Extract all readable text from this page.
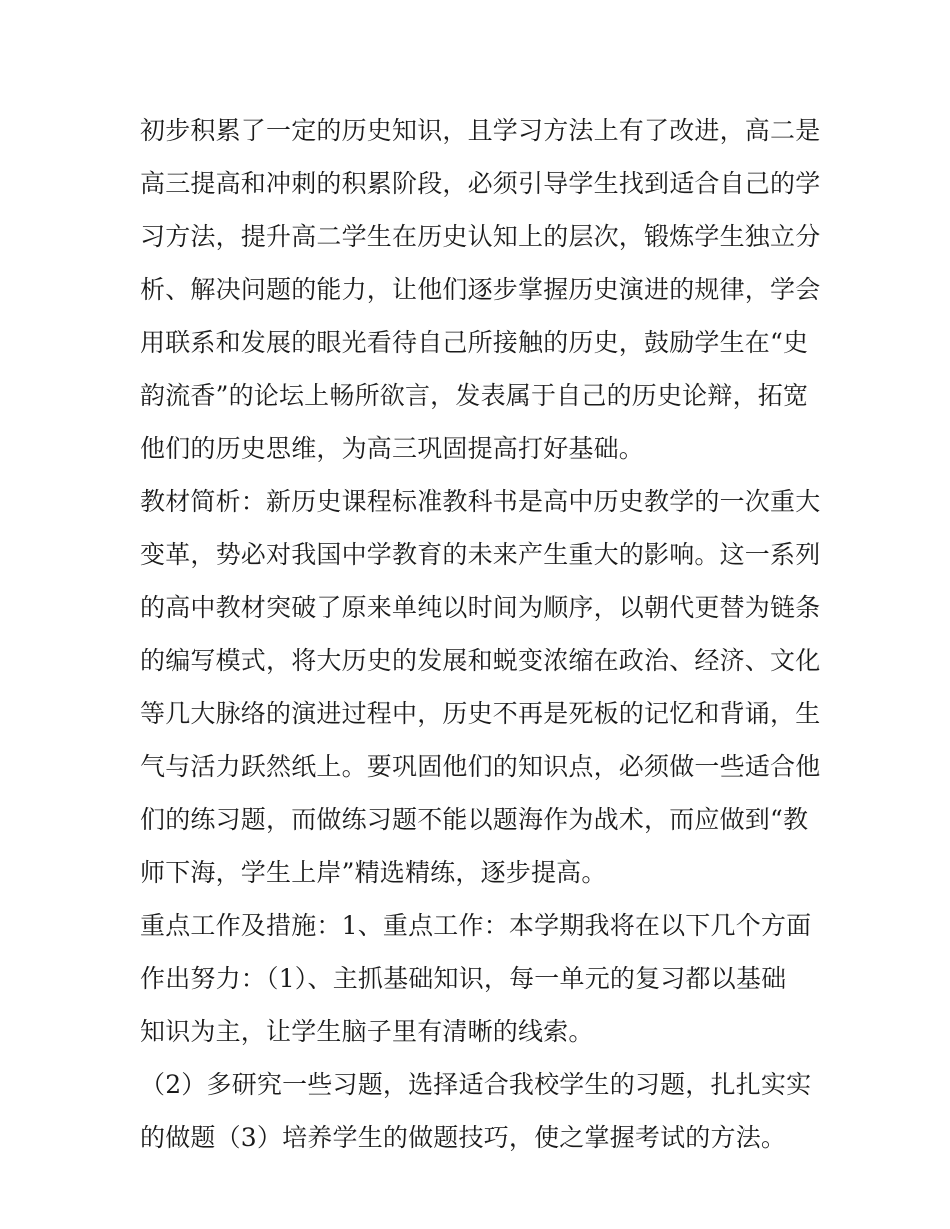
初步积累了一定的历史知识，且学习方法上有了改进，高二是
高三提高和冲刺的积累阶段，必须引导学生找到适合自己的学
习方法，提升高二学生在历史认知上的层次，锻炼学生独立分
析、解决问题的能力，让他们逐步掌握历史演进的规律，学会
用联系和发展的眼光看待自己所接触的历史，鼓励学生在“史
韵流香”的论坛上畅所欲言，发表属于自己的历史论辩，拓宽
他们的历史思维，为高三巩固提高打好基础。
教材简析：新历史课程标准教科书是高中历史教学的一次重大
变革，势必对我国中学教育的未来产生重大的影响。这一系列
的高中教材突破了原来单纯以时间为顺序，以朝代更替为链条
的编写模式，将大历史的发展和蜕变浓缩在政治、经济、文化
等几大脉络的演进过程中，历史不再是死板的记忆和背诵，生
气与活力跃然纸上。要巩固他们的知识点，必须做一些适合他
们的练习题，而做练习题不能以题海作为战术，而应做到“教
师下海，学生上岸”精选精练，逐步提高。
重点工作及措施：1、重点工作：本学期我将在以下几个方面
作出努力：（1）、主抓基础知识，每一单元的复习都以基础
知识为主，让学生脑子里有清晰的线索。
（2）多研究一些习题，选择适合我校学生的习题，扎扎实实
的做题（3）培养学生的做题技巧，使之掌握考试的方法。
